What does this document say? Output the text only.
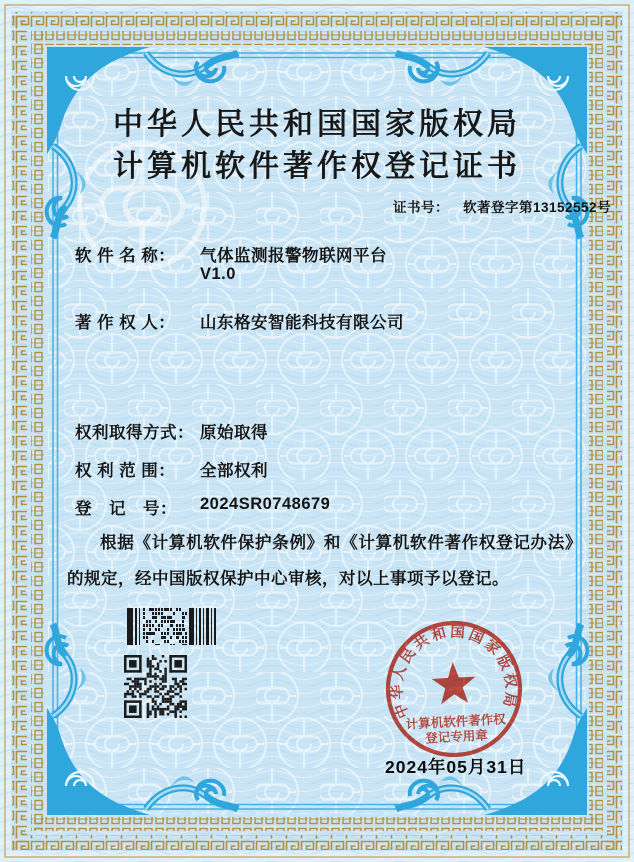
中华人民共和国国家版权局
计算机软件著作权登记证书
证书号： 软著登字第13152552号
软 件 名 称： 气体监测报警物联网平台
V1.0
著 作 权 人： 山东格安智能科技有限公司
权利取得方式： 原始取得
权 利 范 围： 全部权利
登　记　号： 2024SR0748679
根据《计算机软件保护条例》和《计算机软件著作权登记办法》的规定，经中国版权保护中心审核，对以上事项予以登记。
中华人民共和国国家版权局
计算机软件著作权
登记专用章
2024年05月31日
